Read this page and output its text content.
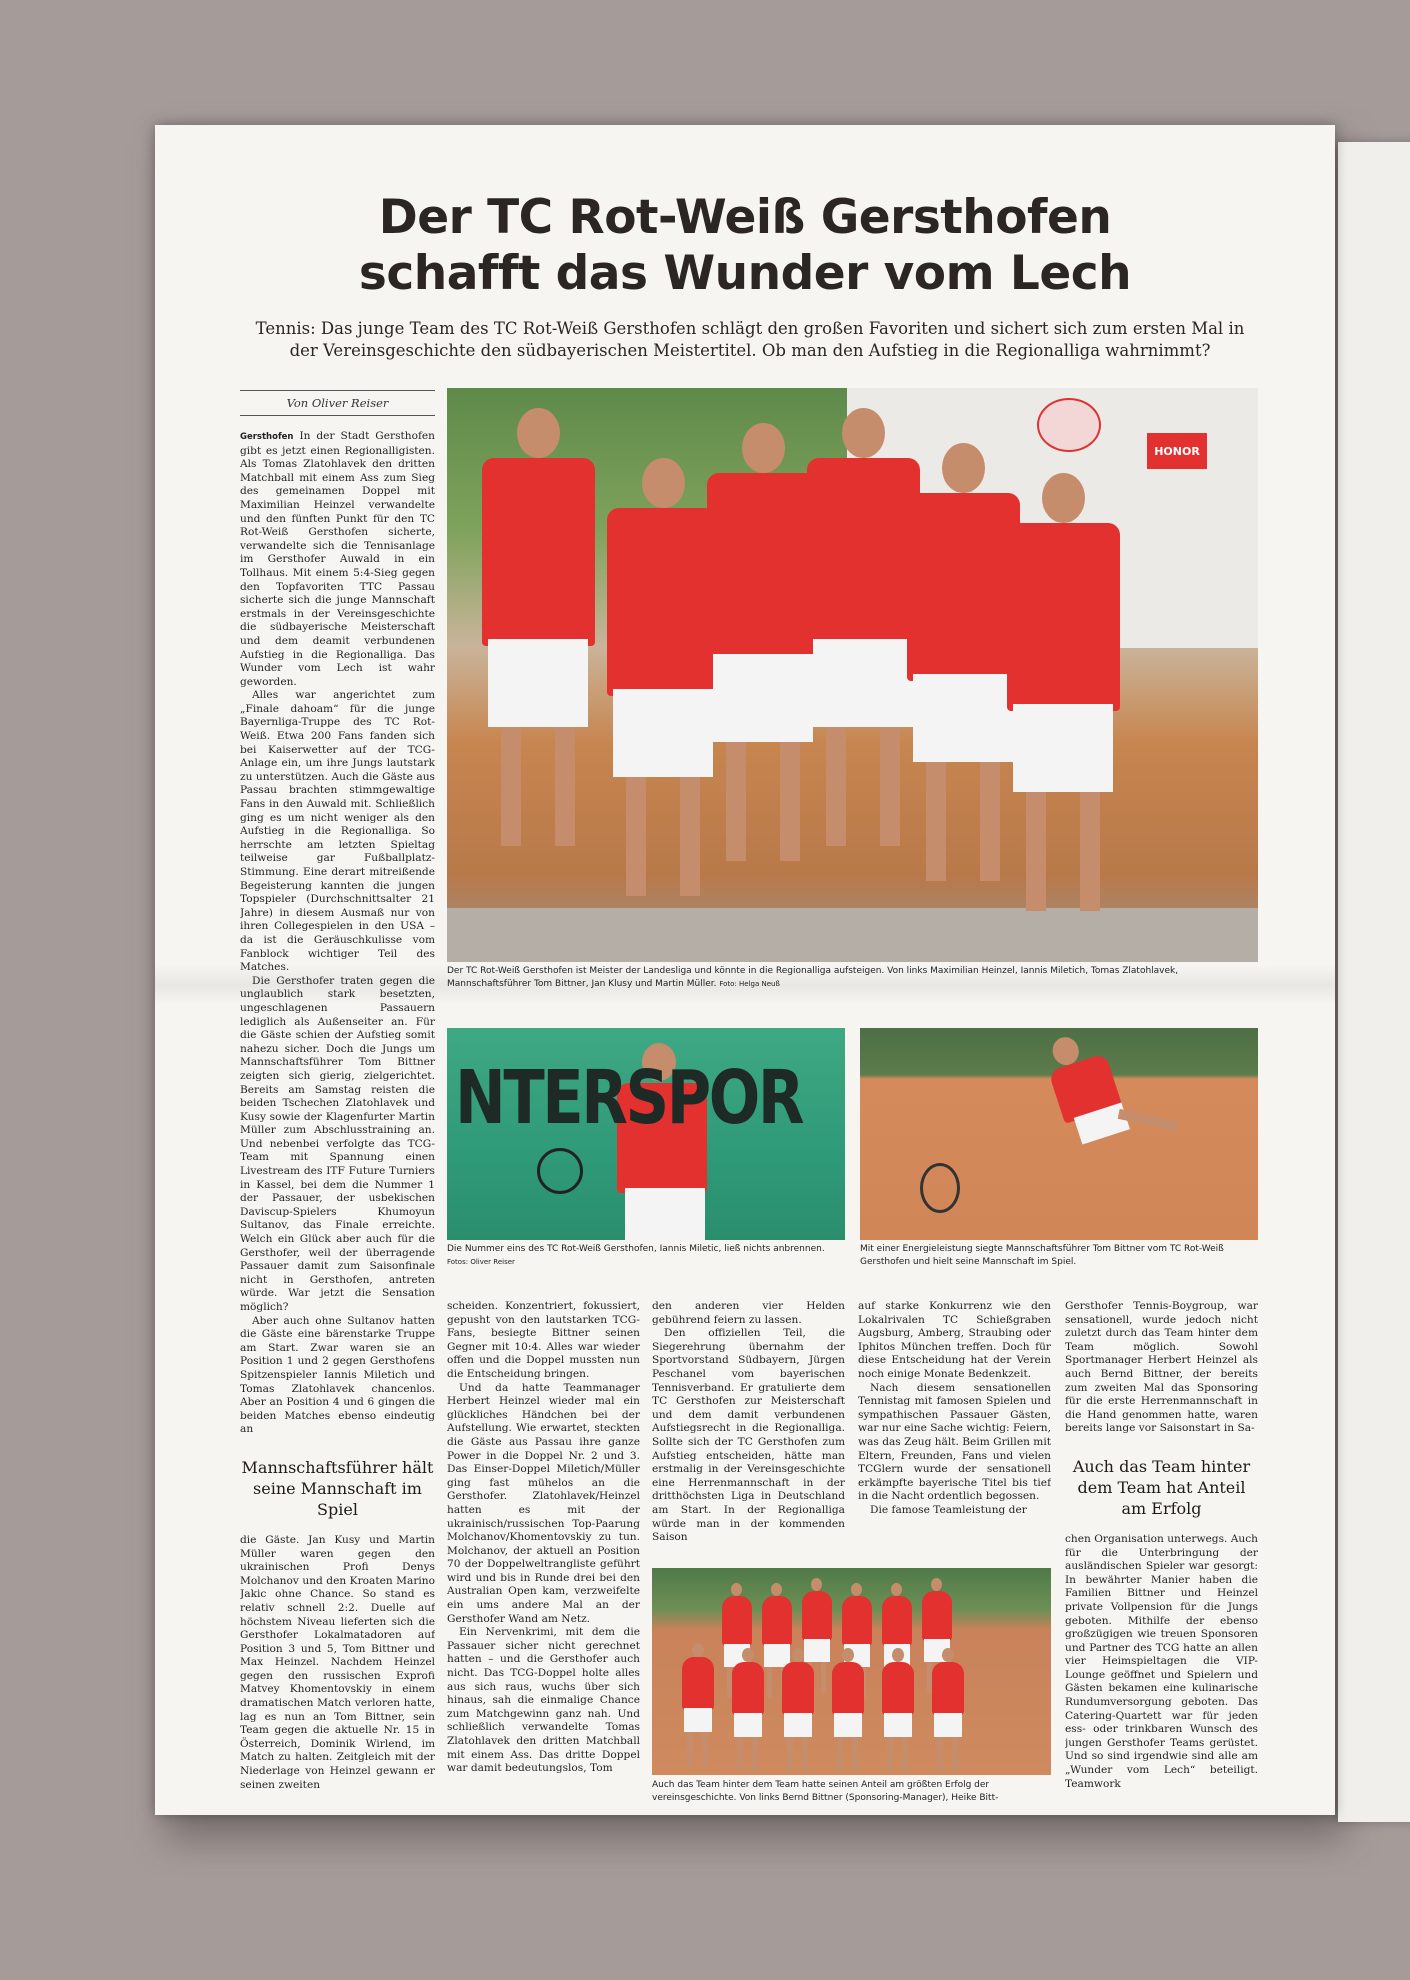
Der TC Rot-Weiß Gersthofen
schafft das Wunder vom Lech
Tennis: Das junge Team des TC Rot-Weiß Gersthofen schlägt den großen Favoriten und sichert sich zum ersten Mal in der Vereinsgeschichte den südbayerischen Meistertitel. Ob man den Aufstieg in die Regionalliga wahrnimmt?
Von Oliver Reiser

Gersthofen In der Stadt Gersthofen gibt es jetzt einen Regionalligisten. Als Tomas Zlatohlavek den dritten Matchball mit einem Ass zum Sieg des gemeinamen Doppel mit Maximilian Heinzel verwandelte und den fünften Punkt für den TC Rot-Weiß Gersthofen sicherte, verwandelte sich die Tennisanlage im Gersthofer Auwald in ein Tollhaus. Mit einem 5:4-Sieg gegen den Topfavoriten TTC Passau sicherte sich die junge Mannschaft erstmals in der Vereinsgeschichte die südbayerische Meisterschaft und dem deamit verbundenen Aufstieg in die Regionalliga. Das Wunder vom Lech ist wahr geworden.

Alles war angerichtet zum „Finale dahoam“ für die junge Bayernliga-Truppe des TC Rot-Weiß. Etwa 200 Fans fanden sich bei Kaiserwetter auf der TCG-Anlage ein, um ihre Jungs lautstark zu unterstützen. Auch die Gäste aus Passau brachten stimmgewaltige Fans in den Auwald mit. Schließlich ging es um nicht weniger als den Aufstieg in die Regionalliga. So herrschte am letzten Spieltag teilweise gar Fußballplatz-Stimmung. Eine derart mitreißende Begeisterung kannten die jungen Topspieler (Durchschnittsalter 21 Jahre) in diesem Ausmaß nur von ihren Collegespielen in den USA – da ist die Geräuschkulisse vom Fanblock wichtiger Teil des Matches.

Die Gersthofer traten gegen die unglaublich stark besetzten, ungeschlagenen Passauern lediglich als Außenseiter an. Für die Gäste schien der Aufstieg somit nahezu sicher. Doch die Jungs um Mannschaftsführer Tom Bittner zeigten sich gierig, zielgerichtet. Bereits am Samstag reisten die beiden Tschechen Zlatohlavek und Kusy sowie der Klagenfurter Martin Müller zum Abschlusstraining an. Und nebenbei verfolgte das TCG-Team mit Spannung einen Livestream des ITF Future Turniers in Kassel, bei dem die Nummer 1 der Passauer, der usbekischen Daviscup-Spielers Khumoyun Sultanov, das Finale erreichte. Welch ein Glück aber auch für die Gersthofer, weil der überragende Passauer damit zum Saisonfinale nicht in Gersthofen, antreten würde. War jetzt die Sensation möglich?

Aber auch ohne Sultanov hatten die Gäste eine bärenstarke Truppe am Start. Zwar waren sie an Position 1 und 2 gegen Gersthofens Spitzenspieler Iannis Miletich und Tomas Zlatohlavek chancenlos. Aber an Position 4 und 6 gingen die beiden Matches ebenso eindeutig an

Mannschaftsführer hält seine Mannschaft im Spiel

die Gäste. Jan Kusy und Martin Müller waren gegen den ukrainischen Profi Denys Molchanov und den Kroaten Marino Jakic ohne Chance. So stand es relativ schnell 2:2. Duelle auf höchstem Niveau lieferten sich die Gersthofer Lokalmatadoren auf Position 3 und 5, Tom Bittner und Max Heinzel. Nachdem Heinzel gegen den russischen Exprofi Matvey Khomentovskiy in einem dramatischen Match verloren hatte, lag es nun an Tom Bittner, sein Team gegen die aktuelle Nr. 15 in Österreich, Dominik Wirlend, im Match zu halten. Zeitgleich mit der Niederlage von Heinzel gewann er seinen zweiten

HONOR
Der TC Rot-Weiß Gersthofen ist Meister der Landesliga und könnte in die Regionalliga aufsteigen. Von links Maximilian Heinzel, Iannis Miletich, Tomas Zlatohlavek, Mannschaftsführer Tom Bittner, Jan Klusy und Martin Müller. Foto: Helga Neuß
NTERSPOR
Die Nummer eins des TC Rot-Weiß Gersthofen, Iannis Miletic, ließ nichts anbrennen. Fotos: Oliver Reiser
Mit einer Energieleistung siegte Mannschaftsführer Tom Bittner vom TC Rot-Weiß Gersthofen und hielt seine Mannschaft im Spiel.

scheiden. Konzentriert, fokussiert, gepusht von den lautstarken TCG-Fans, besiegte Bittner seinen Gegner mit 10:4. Alles war wieder offen und die Doppel mussten nun die Entscheidung bringen.

Und da hatte Teammanager Herbert Heinzel wieder mal ein glückliches Händchen bei der Aufstellung. Wie erwartet, steckten die Gäste aus Passau ihre ganze Power in die Doppel Nr. 2 und 3. Das Einser-Doppel Miletich/Müller ging fast mühelos an die Gersthofer. Zlatohlavek/Heinzel hatten es mit der ukrainisch/russischen Top-Paarung Molchanov/Khomentovskiy zu tun. Molchanov, der aktuell an Position 70 der Doppelweltrangliste geführt wird und bis in Runde drei bei den Australian Open kam, verzweifelte ein ums andere Mal an der Gersthofer Wand am Netz.

Ein Nervenkrimi, mit dem die Passauer sicher nicht gerechnet hatten – und die Gersthofer auch nicht. Das TCG-Doppel holte alles aus sich raus, wuchs über sich hinaus, sah die einmalige Chance zum Matchgewinn ganz nah. Und schließlich verwandelte Tomas Zlatohlavek den dritten Matchball mit einem Ass. Das dritte Doppel war damit bedeutungslos, Tom

den anderen vier Helden gebührend feiern zu lassen.

Den offiziellen Teil, die Siegerehrung übernahm der Sportvorstand Südbayern, Jürgen Peschanel vom bayerischen Tennisverband. Er gratulierte dem TC Gersthofen zur Meisterschaft und dem damit verbundenen Aufstiegsrecht in die Regionalliga. Sollte sich der TC Gersthofen zum Aufstieg entscheiden, hätte man erstmalig in der Vereinsgeschichte eine Herrenmannschaft in der dritthöchsten Liga in Deutschland am Start. In der Regionalliga würde man in der kommenden Saison

auf starke Konkurrenz wie den Lokalrivalen TC Schießgraben Augsburg, Amberg, Straubing oder Iphitos München treffen. Doch für diese Entscheidung hat der Verein noch einige Monate Bedenkzeit.

Nach diesem sensationellen Tennistag mit famosen Spielen und sympathischen Passauer Gästen, war nur eine Sache wichtig: Feiern, was das Zeug hält. Beim Grillen mit Eltern, Freunden, Fans und vielen TCGlern wurde der sensationell erkämpfte bayerische Titel bis tief in die Nacht ordentlich begossen.

Die famose Teamleistung der

Gersthofer Tennis-Boygroup, war sensationell, wurde jedoch nicht zuletzt durch das Team hinter dem Team möglich. Sowohl Sportmanager Herbert Heinzel als auch Bernd Bittner, der bereits zum zweiten Mal das Sponsoring für die erste Herrenmannschaft in die Hand genommen hatte, waren bereits lange vor Saisonstart in Sa-

Auch das Team hinter dem Team hat Anteil am Erfolg

chen Organisation unterwegs. Auch für die Unterbringung der ausländischen Spieler war gesorgt: In bewährter Manier haben die Familien Bittner und Heinzel private Vollpension für die Jungs geboten. Mithilfe der ebenso großzügigen wie treuen Sponsoren und Partner des TCG hatte an allen vier Heimspieltagen die VIP-Lounge geöffnet und Spielern und Gästen bekamen eine kulinarische Rundumversorgung geboten. Das Catering-Quartett war für jeden ess- oder trinkbaren Wunsch des jungen Gersthofer Teams gerüstet. Und so sind irgendwie sind alle am „Wunder vom Lech“ beteiligt. Teamwork

Auch das Team hinter dem Team hatte seinen Anteil am größten Erfolg der vereinsgeschichte. Von links Bernd Bittner (Sponsoring-Manager), Heike Bitt-
